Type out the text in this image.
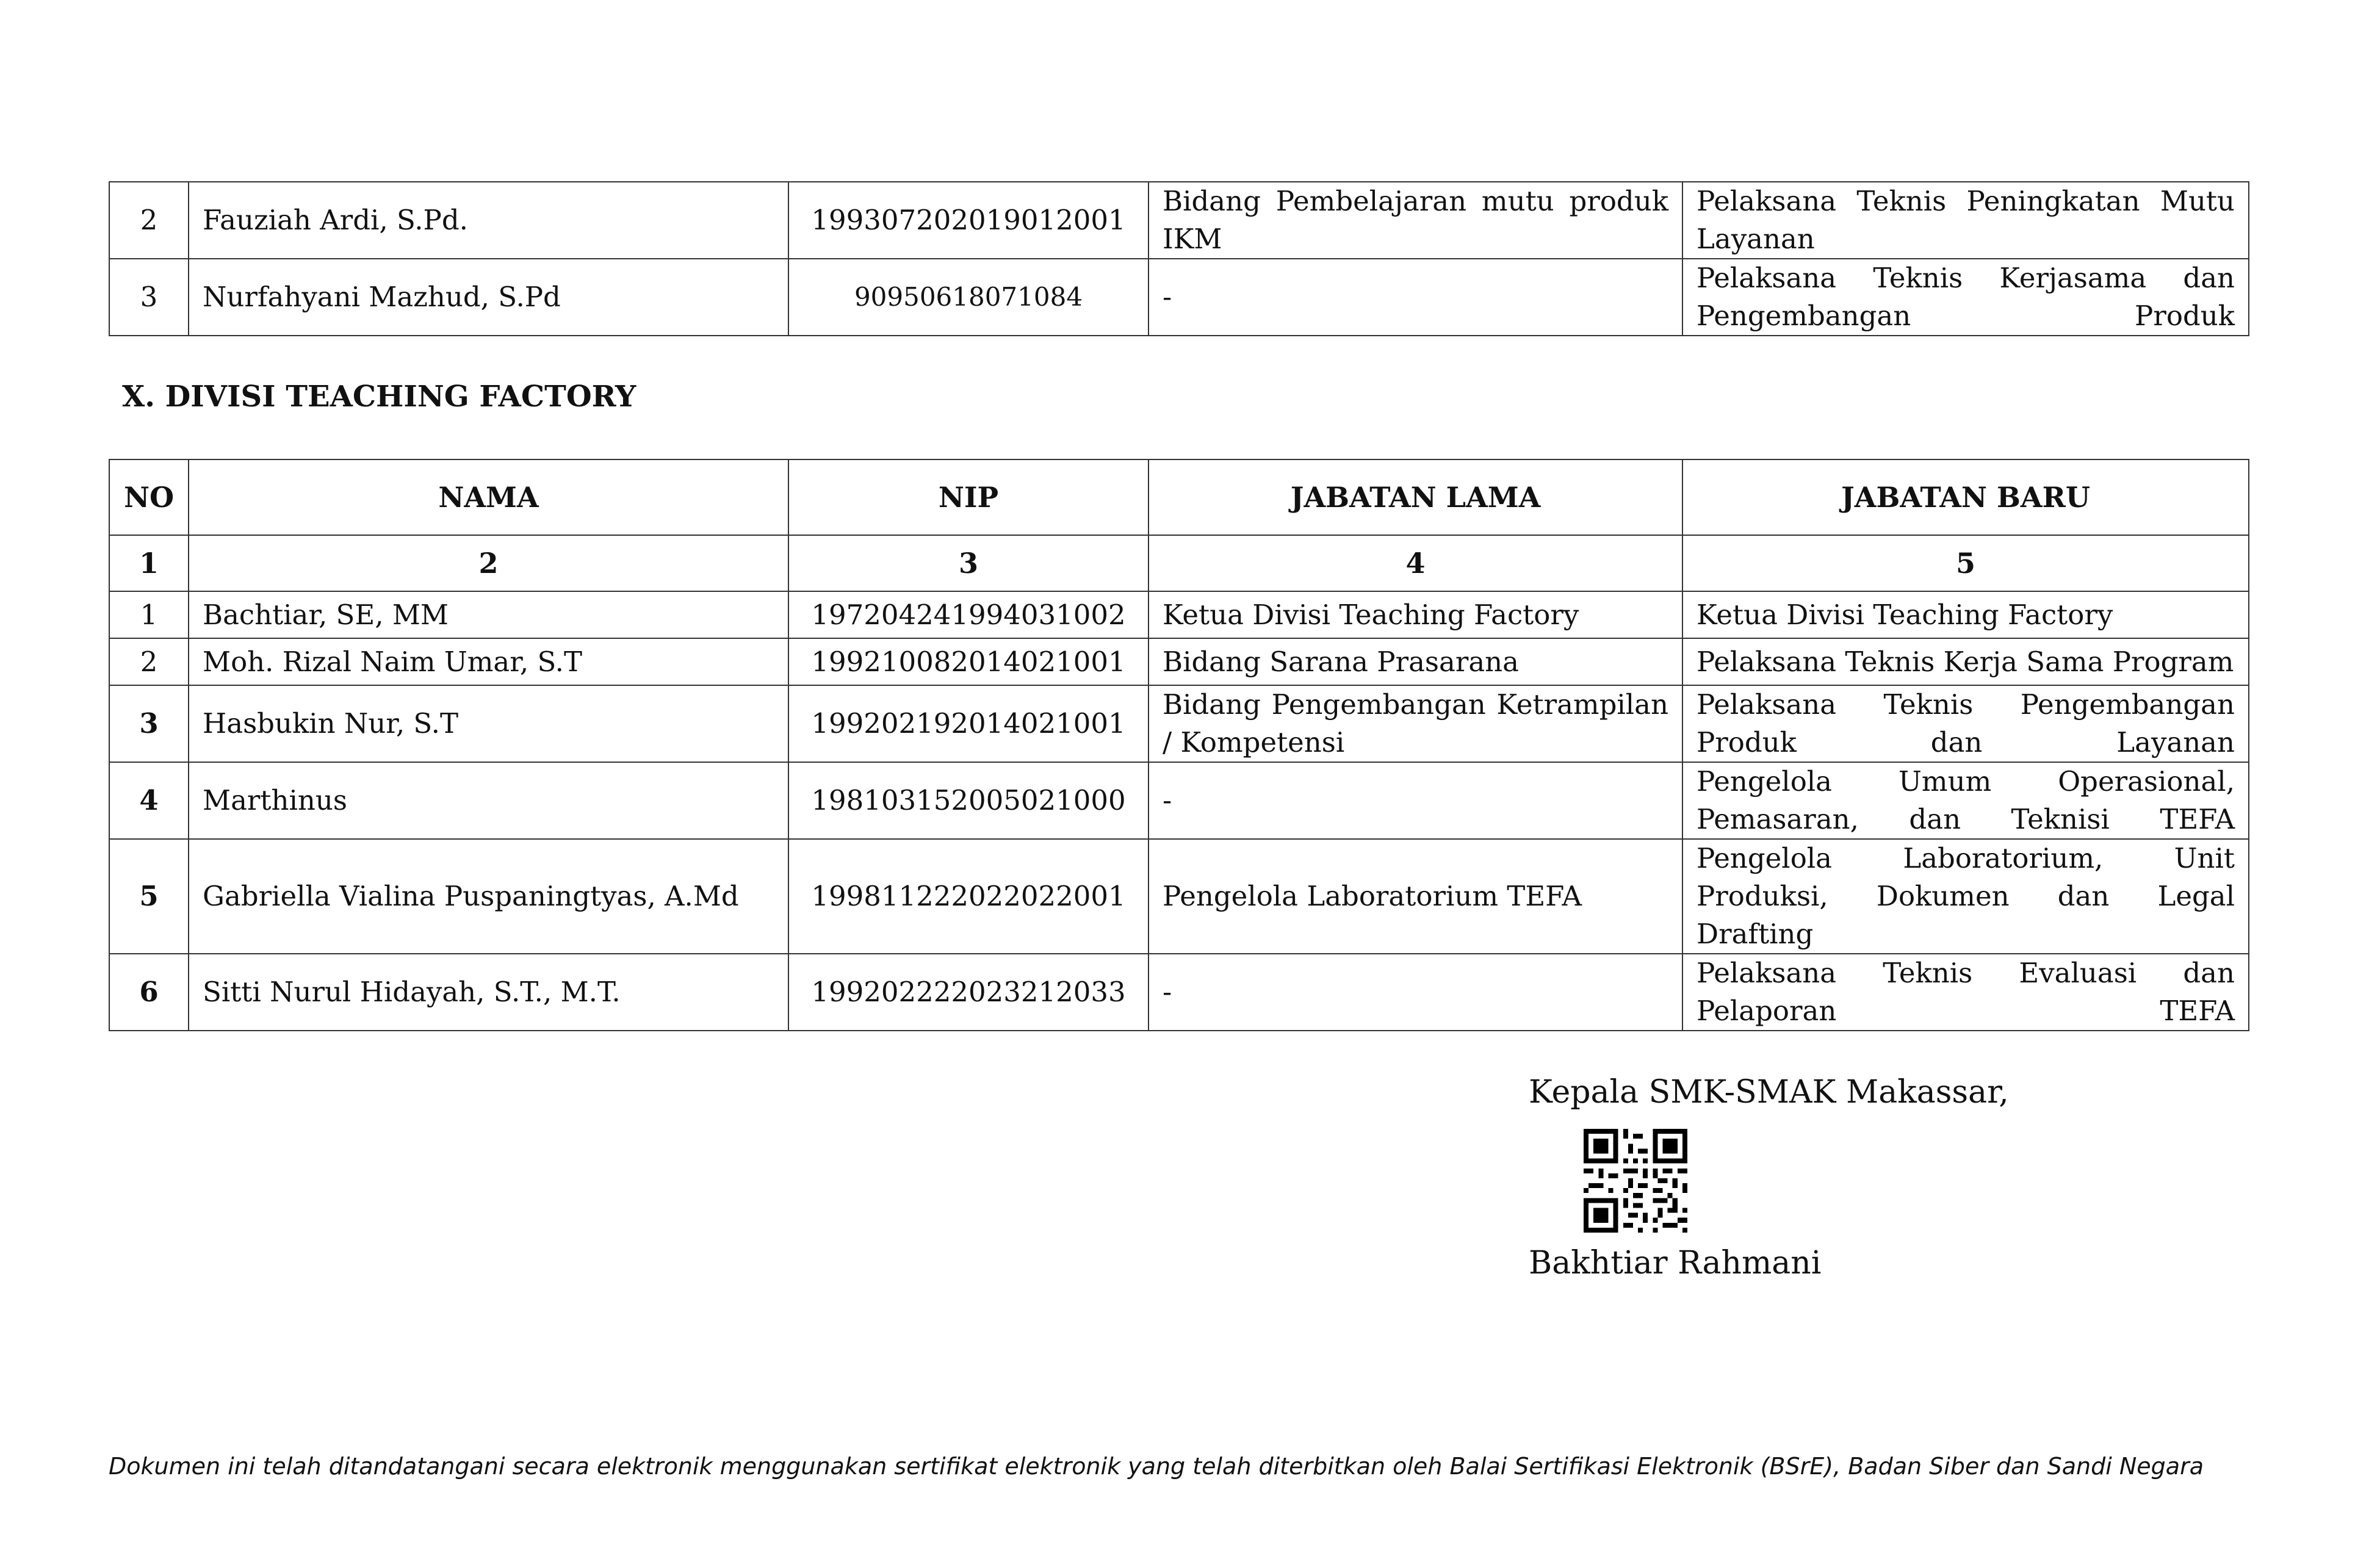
2	Fauziah Ardi, S.Pd.	199307202019012001	Bidang Pembelajaran mutu produk IKM	Pelaksana Teknis Peningkatan Mutu Layanan
3	Nurfahyani Mazhud, S.Pd	90950618071084	-	Pelaksana Teknis Kerjasama dan Pengembangan Produk
X. DIVISI TEACHING FACTORY
NO	NAMA	NIP	JABATAN LAMA	JABATAN BARU
1	2	3	4	5
1	Bachtiar, SE, MM	197204241994031002	Ketua Divisi Teaching Factory	Ketua Divisi Teaching Factory
2	Moh. Rizal Naim Umar, S.T	199210082014021001	Bidang Sarana Prasarana	Pelaksana Teknis Kerja Sama Program
3	Hasbukin Nur, S.T	199202192014021001	Bidang Pengembangan Ketrampilan / Kompetensi	Pelaksana Teknis Pengembangan Produk dan Layanan
4	Marthinus	198103152005021000	-	Pengelola Umum Operasional, Pemasaran, dan Teknisi TEFA
5	Gabriella Vialina Puspaningtyas, A.Md	199811222022022001	Pengelola Laboratorium TEFA	Pengelola Laboratorium, Unit Produksi, Dokumen dan Legal Drafting
6	Sitti Nurul Hidayah, S.T., M.T.	199202222023212033	-	Pelaksana Teknis Evaluasi dan Pelaporan TEFA

Kepala SMK-SMAK Makassar,

Bakhtiar Rahmani

Dokumen ini telah ditandatangani secara elektronik menggunakan sertifikat elektronik yang telah diterbitkan oleh Balai Sertifikasi Elektronik (BSrE), Badan Siber dan Sandi Negara
